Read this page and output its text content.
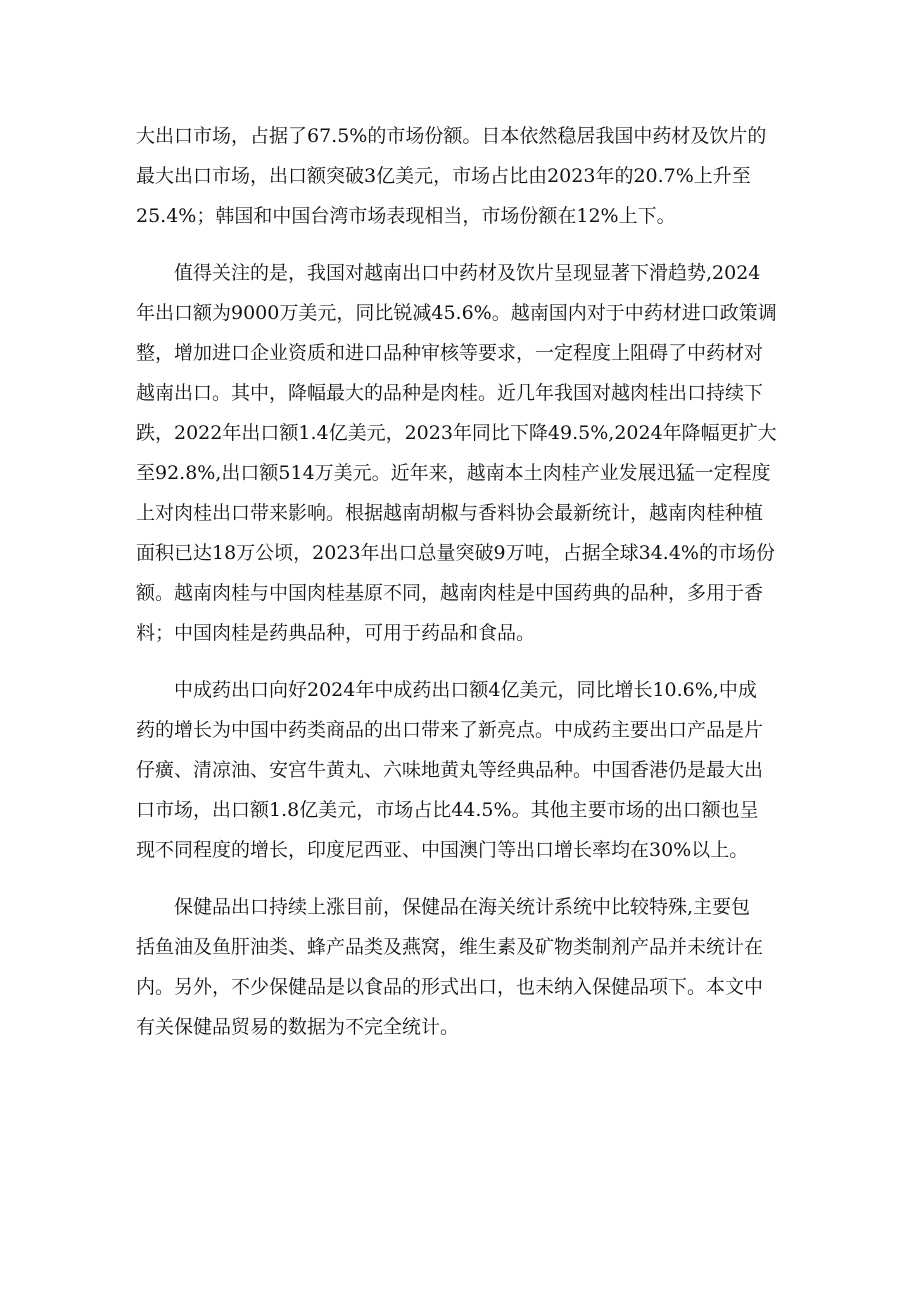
大出口市场，占据了67.5%的市场份额。日本依然稳居我国中药材及饮片的
最大出口市场，出口额突破3亿美元，市场占比由2023年的20.7%上升至
25.4%；韩国和中国台湾市场表现相当，市场份额在12%上下。

　　值得关注的是，我国对越南出口中药材及饮片呈现显著下滑趋势,2024
年出口额为9000万美元，同比锐减45.6%。越南国内对于中药材进口政策调
整，增加进口企业资质和进口品种审核等要求，一定程度上阻碍了中药材对
越南出口。其中，降幅最大的品种是肉桂。近几年我国对越肉桂出口持续下
跌，2022年出口额1.4亿美元，2023年同比下降49.5%,2024年降幅更扩大
至92.8%,出口额514万美元。近年来，越南本土肉桂产业发展迅猛一定程度
上对肉桂出口带来影响。根据越南胡椒与香料协会最新统计，越南肉桂种植
面积已达18万公顷，2023年出口总量突破9万吨，占据全球34.4%的市场份
额。越南肉桂与中国肉桂基原不同，越南肉桂是中国药典的品种，多用于香
料；中国肉桂是药典品种，可用于药品和食品。

　　中成药出口向好2024年中成药出口额4亿美元，同比增长10.6%,中成
药的增长为中国中药类商品的出口带来了新亮点。中成药主要出口产品是片
仔癀、清凉油、安宫牛黄丸、六味地黄丸等经典品种。中国香港仍是最大出
口市场，出口额1.8亿美元，市场占比44.5%。其他主要市场的出口额也呈
现不同程度的增长，印度尼西亚、中国澳门等出口增长率均在30%以上。

　　保健品出口持续上涨目前，保健品在海关统计系统中比较特殊,主要包
括鱼油及鱼肝油类、蜂产品类及燕窝，维生素及矿物类制剂产品并未统计在
内。另外，不少保健品是以食品的形式出口，也未纳入保健品项下。本文中
有关保健品贸易的数据为不完全统计。
